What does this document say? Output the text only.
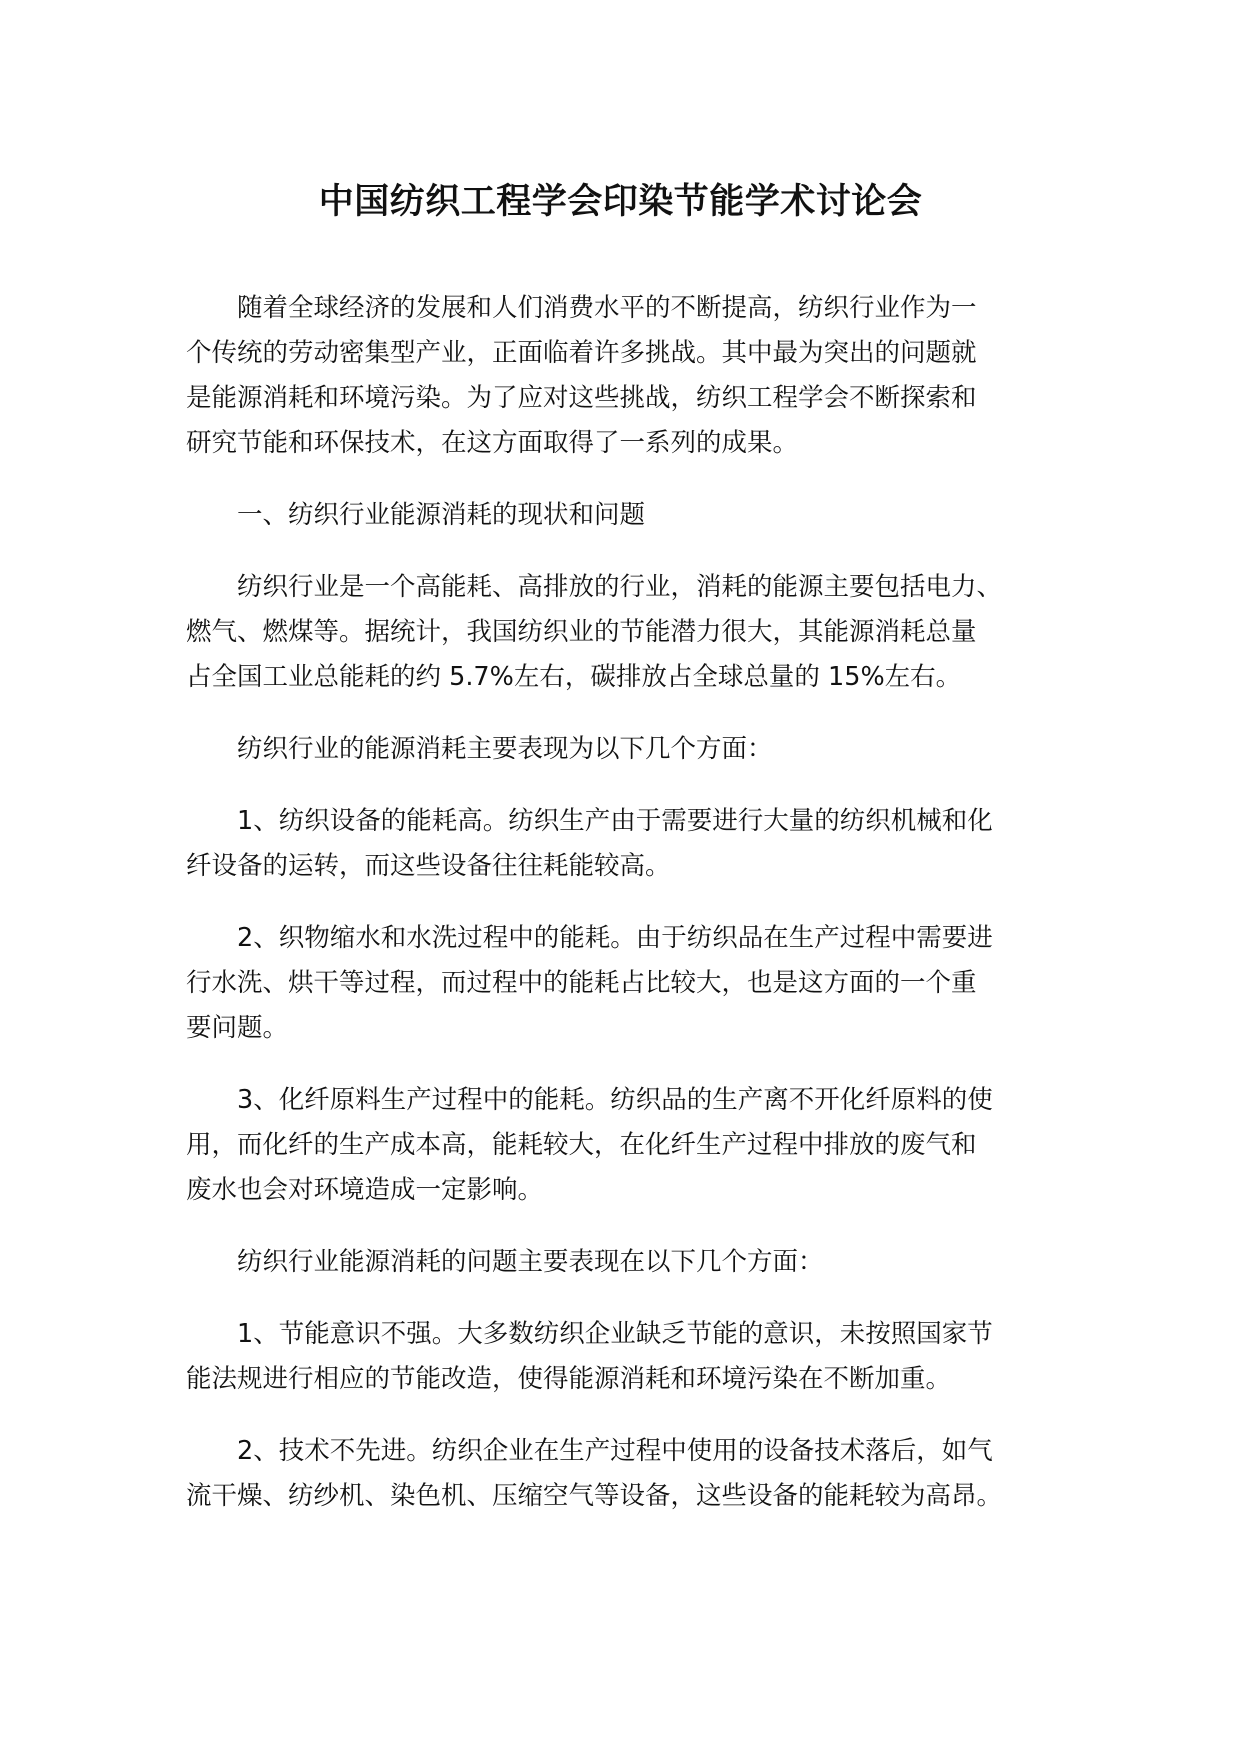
中国纺织工程学会印染节能学术讨论会

随着全球经济的发展和人们消费水平的不断提高，纺织行业作为一
个传统的劳动密集型产业，正面临着许多挑战。其中最为突出的问题就
是能源消耗和环境污染。为了应对这些挑战，纺织工程学会不断探索和
研究节能和环保技术，在这方面取得了一系列的成果。

一、纺织行业能源消耗的现状和问题

纺织行业是一个高能耗、高排放的行业，消耗的能源主要包括电力、
燃气、燃煤等。据统计，我国纺织业的节能潜力很大，其能源消耗总量
占全国工业总能耗的约 5.7%左右，碳排放占全球总量的 15%左右。

纺织行业的能源消耗主要表现为以下几个方面：

1、纺织设备的能耗高。纺织生产由于需要进行大量的纺织机械和化
纤设备的运转，而这些设备往往耗能较高。

2、织物缩水和水洗过程中的能耗。由于纺织品在生产过程中需要进
行水洗、烘干等过程，而过程中的能耗占比较大，也是这方面的一个重
要问题。

3、化纤原料生产过程中的能耗。纺织品的生产离不开化纤原料的使
用，而化纤的生产成本高，能耗较大，在化纤生产过程中排放的废气和
废水也会对环境造成一定影响。

纺织行业能源消耗的问题主要表现在以下几个方面：

1、节能意识不强。大多数纺织企业缺乏节能的意识，未按照国家节
能法规进行相应的节能改造，使得能源消耗和环境污染在不断加重。

2、技术不先进。纺织企业在生产过程中使用的设备技术落后，如气
流干燥、纺纱机、染色机、压缩空气等设备，这些设备的能耗较为高昂。
